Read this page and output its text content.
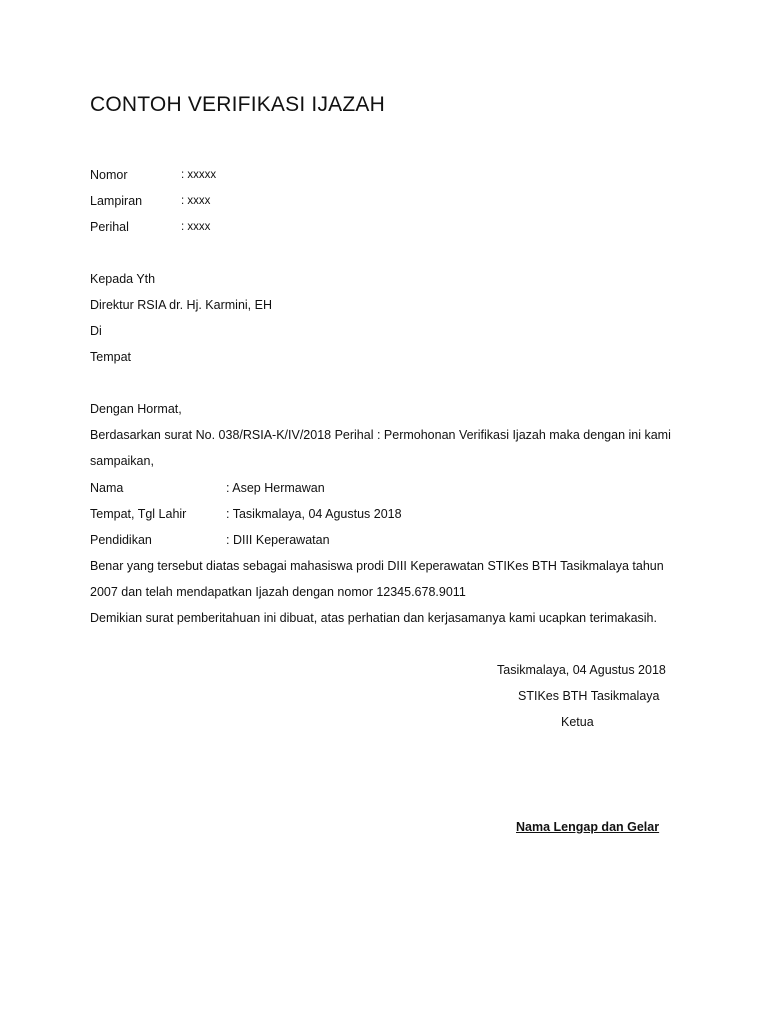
CONTOH VERIFIKASI IJAZAH
Nomor	: xxxxx
Lampiran	: xxxx
Perihal	: xxxx
Kepada Yth
Direktur RSIA dr. Hj. Karmini, EH
Di
Tempat
Dengan Hormat,
Berdasarkan surat No. 038/RSIA-K/IV/2018 Perihal : Permohonan Verifikasi Ijazah maka dengan ini kami
sampaikan,
Nama	: Asep Hermawan
Tempat, Tgl Lahir	: Tasikmalaya, 04 Agustus 2018
Pendidikan	: DIII Keperawatan
Benar yang tersebut diatas sebagai mahasiswa prodi DIII Keperawatan STIKes BTH Tasikmalaya tahun
2007 dan telah mendapatkan Ijazah dengan nomor 12345.678.9011
Demikian surat pemberitahuan ini dibuat, atas perhatian dan kerjasamanya kami ucapkan terimakasih.
Tasikmalaya, 04 Agustus 2018
STIKes BTH Tasikmalaya
Ketua
Nama Lengap dan Gelar
